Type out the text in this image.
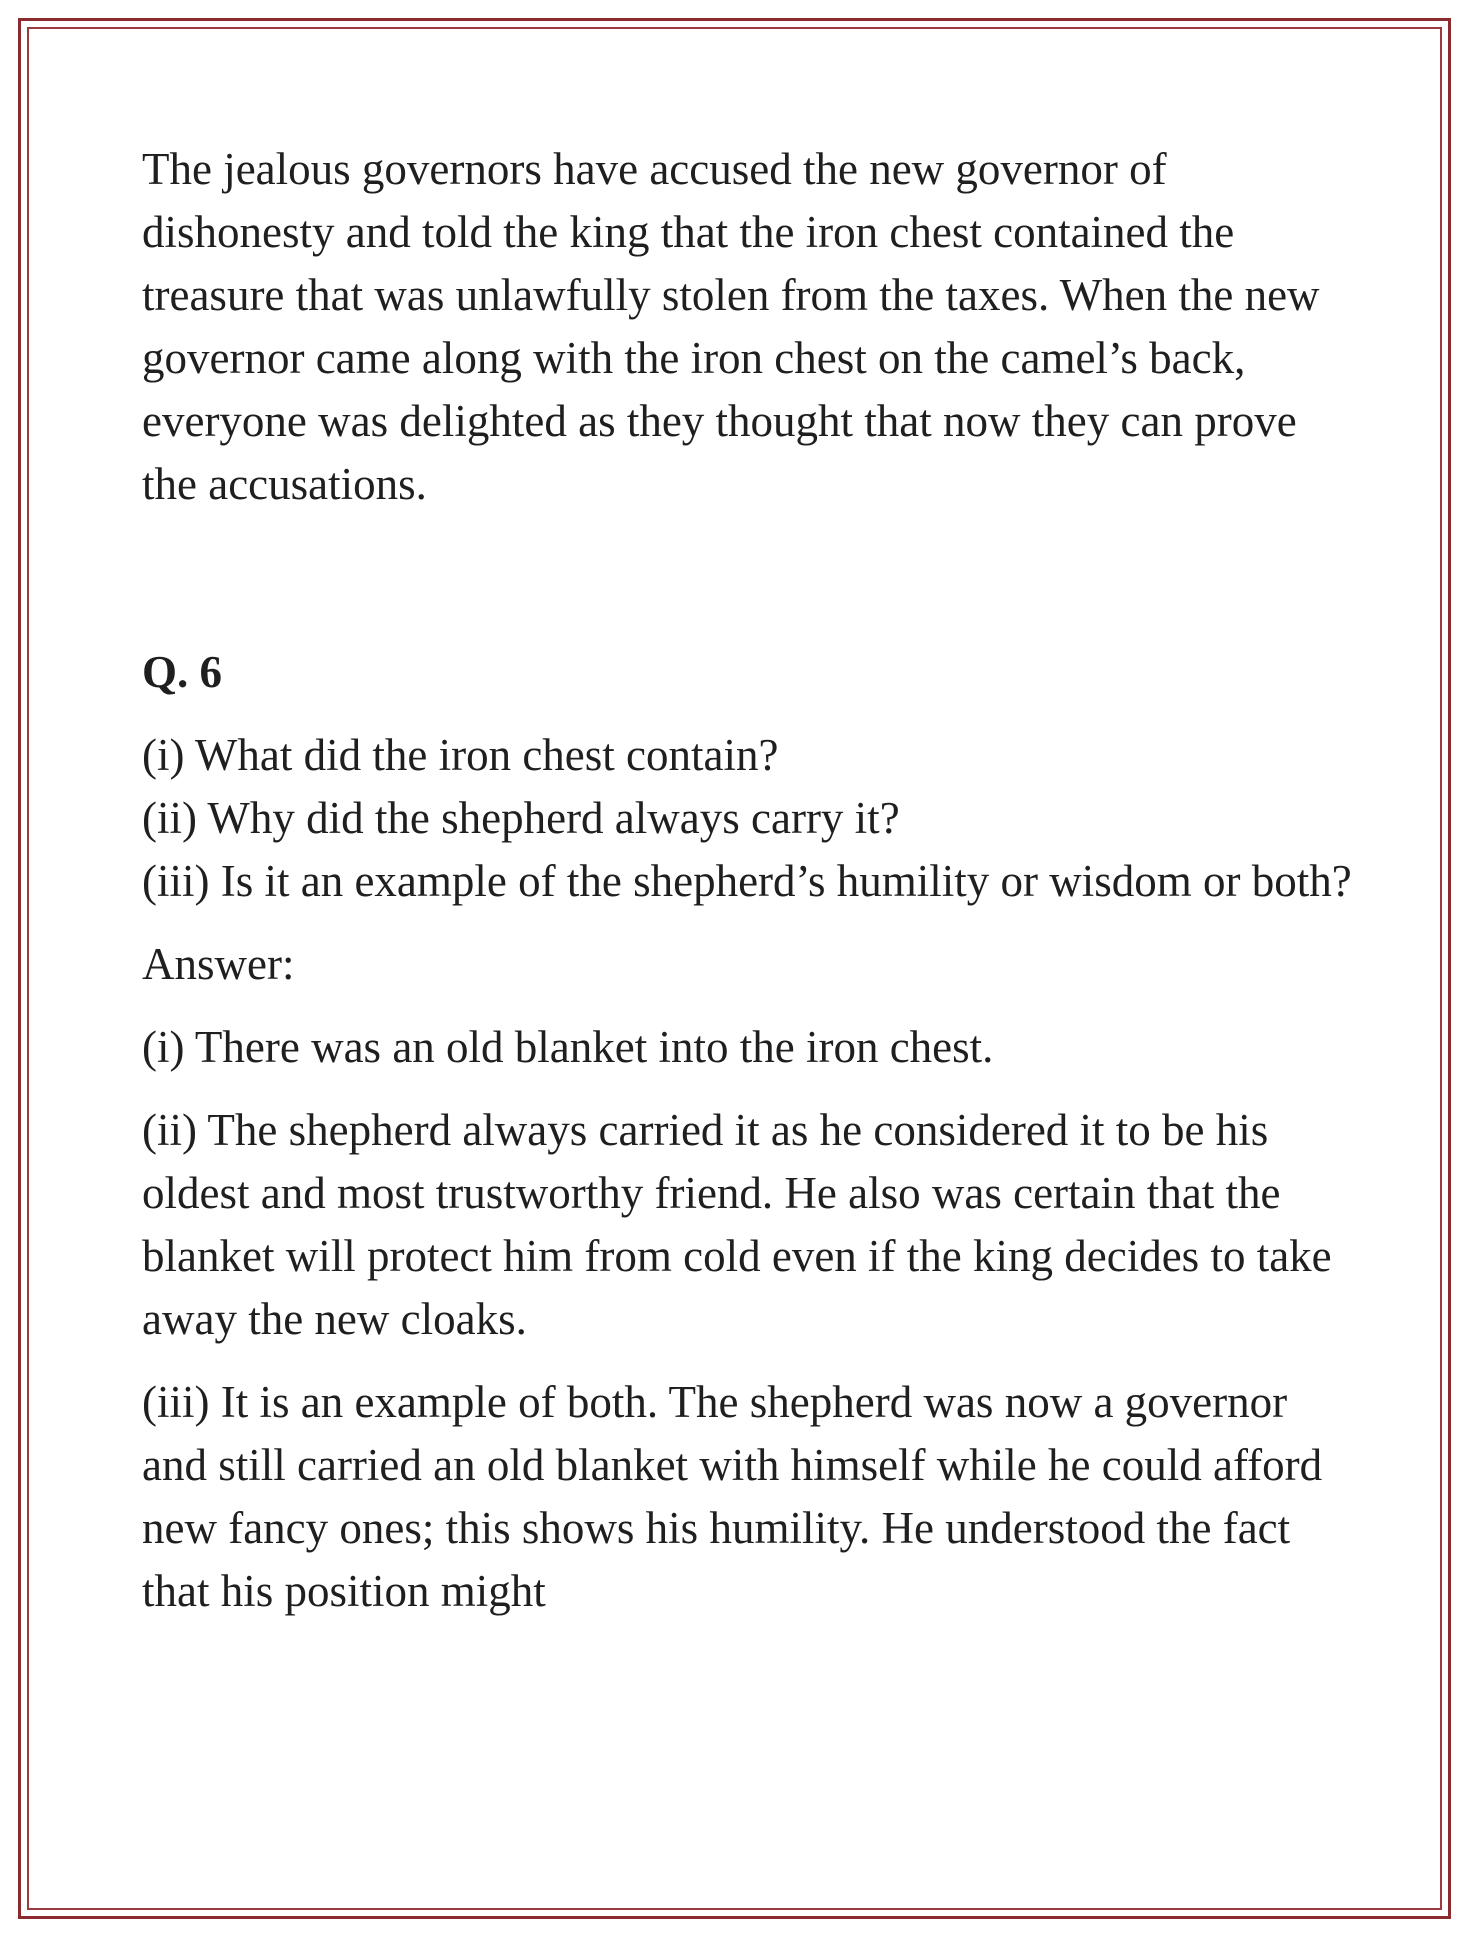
The jealous governors have accused the new governor of dishonesty and told the king that the iron chest contained the treasure that was unlawfully stolen from the taxes. When the new governor came along with the iron chest on the camel’s back, everyone was delighted as they thought that now they can prove the accusations.

Q. 6

(i) What did the iron chest contain?

(ii) Why did the shepherd always carry it?

(iii) Is it an example of the shepherd’s humility or wisdom or both?

Answer:

(i) There was an old blanket into the iron chest.

(ii) The shepherd always carried it as he considered it to be his oldest and most trustworthy friend. He also was certain that the blanket will protect him from cold even if the king decides to take away the new cloaks.

(iii) It is an example of both. The shepherd was now a governor and still carried an old blanket with himself while he could afford new fancy ones; this shows his humility. He understood the fact that his position might
